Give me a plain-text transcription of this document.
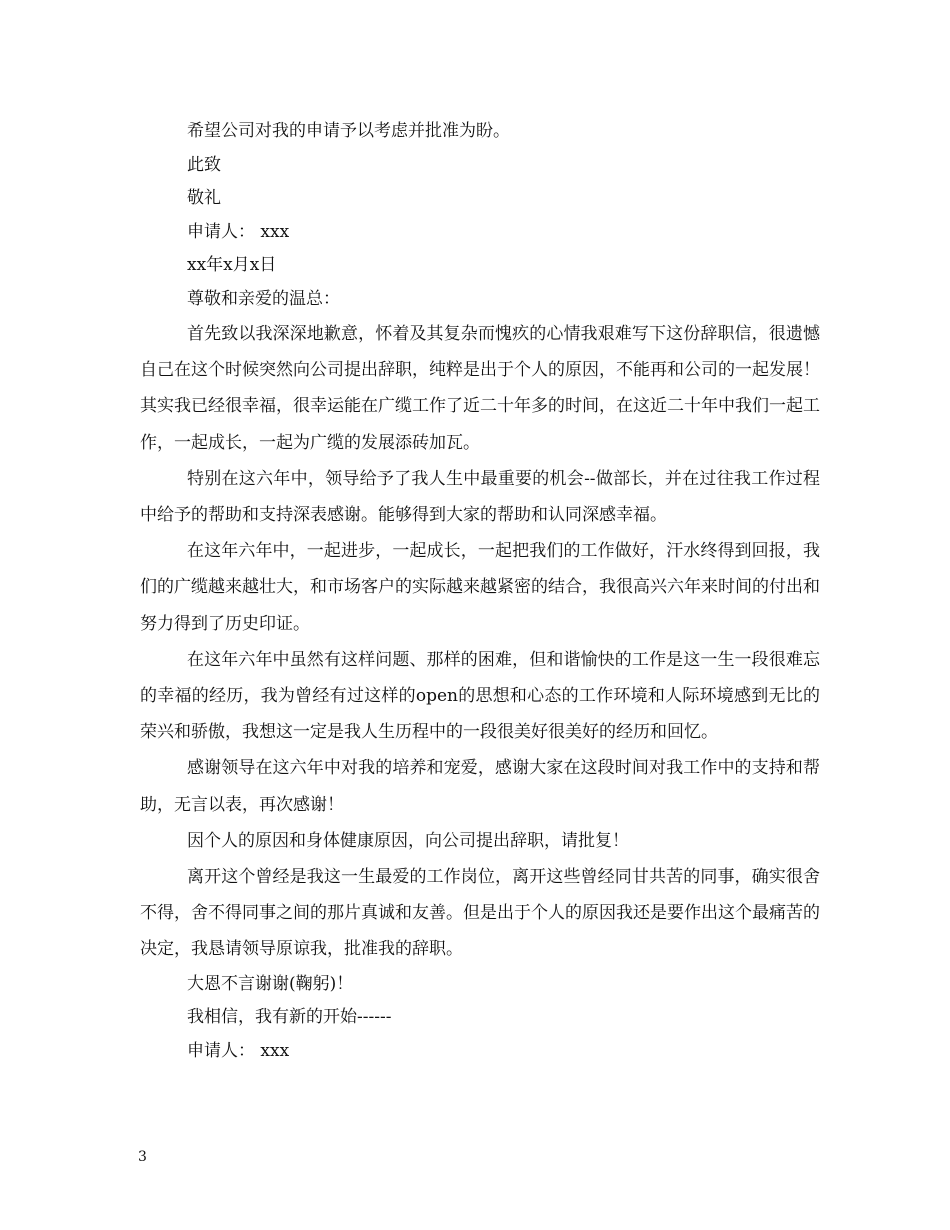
希望公司对我的申请予以考虑并批准为盼。
此致
敬礼
申请人： xxx
xx年x月x日
尊敬和亲爱的温总：
首先致以我深深地歉意，怀着及其复杂而愧疚的心情我艰难写下这份辞职信，很遗憾自己在这个时候突然向公司提出辞职，纯粹是出于个人的原因，不能再和公司的一起发展！其实我已经很幸福，很幸运能在广缆工作了近二十年多的时间，在这近二十年中我们一起工作，一起成长，一起为广缆的发展添砖加瓦。
特别在这六年中，领导给予了我人生中最重要的机会--做部长，并在过往我工作过程中给予的帮助和支持深表感谢。能够得到大家的帮助和认同深感幸福。
在这年六年中，一起进步，一起成长，一起把我们的工作做好，汗水终得到回报，我们的广缆越来越壮大，和市场客户的实际越来越紧密的结合，我很高兴六年来时间的付出和努力得到了历史印证。
在这年六年中虽然有这样问题、那样的困难，但和谐愉快的工作是这一生一段很难忘的幸福的经历，我为曾经有过这样的open的思想和心态的工作环境和人际环境感到无比的荣兴和骄傲，我想这一定是我人生历程中的一段很美好很美好的经历和回忆。
感谢领导在这六年中对我的培养和宠爱，感谢大家在这段时间对我工作中的支持和帮助，无言以表，再次感谢！
因个人的原因和身体健康原因，向公司提出辞职，请批复！
离开这个曾经是我这一生最爱的工作岗位，离开这些曾经同甘共苦的同事，确实很舍不得，舍不得同事之间的那片真诚和友善。但是出于个人的原因我还是要作出这个最痛苦的决定，我恳请领导原谅我，批准我的辞职。
大恩不言谢谢(鞠躬)！
我相信，我有新的开始------
申请人： xxx
3
